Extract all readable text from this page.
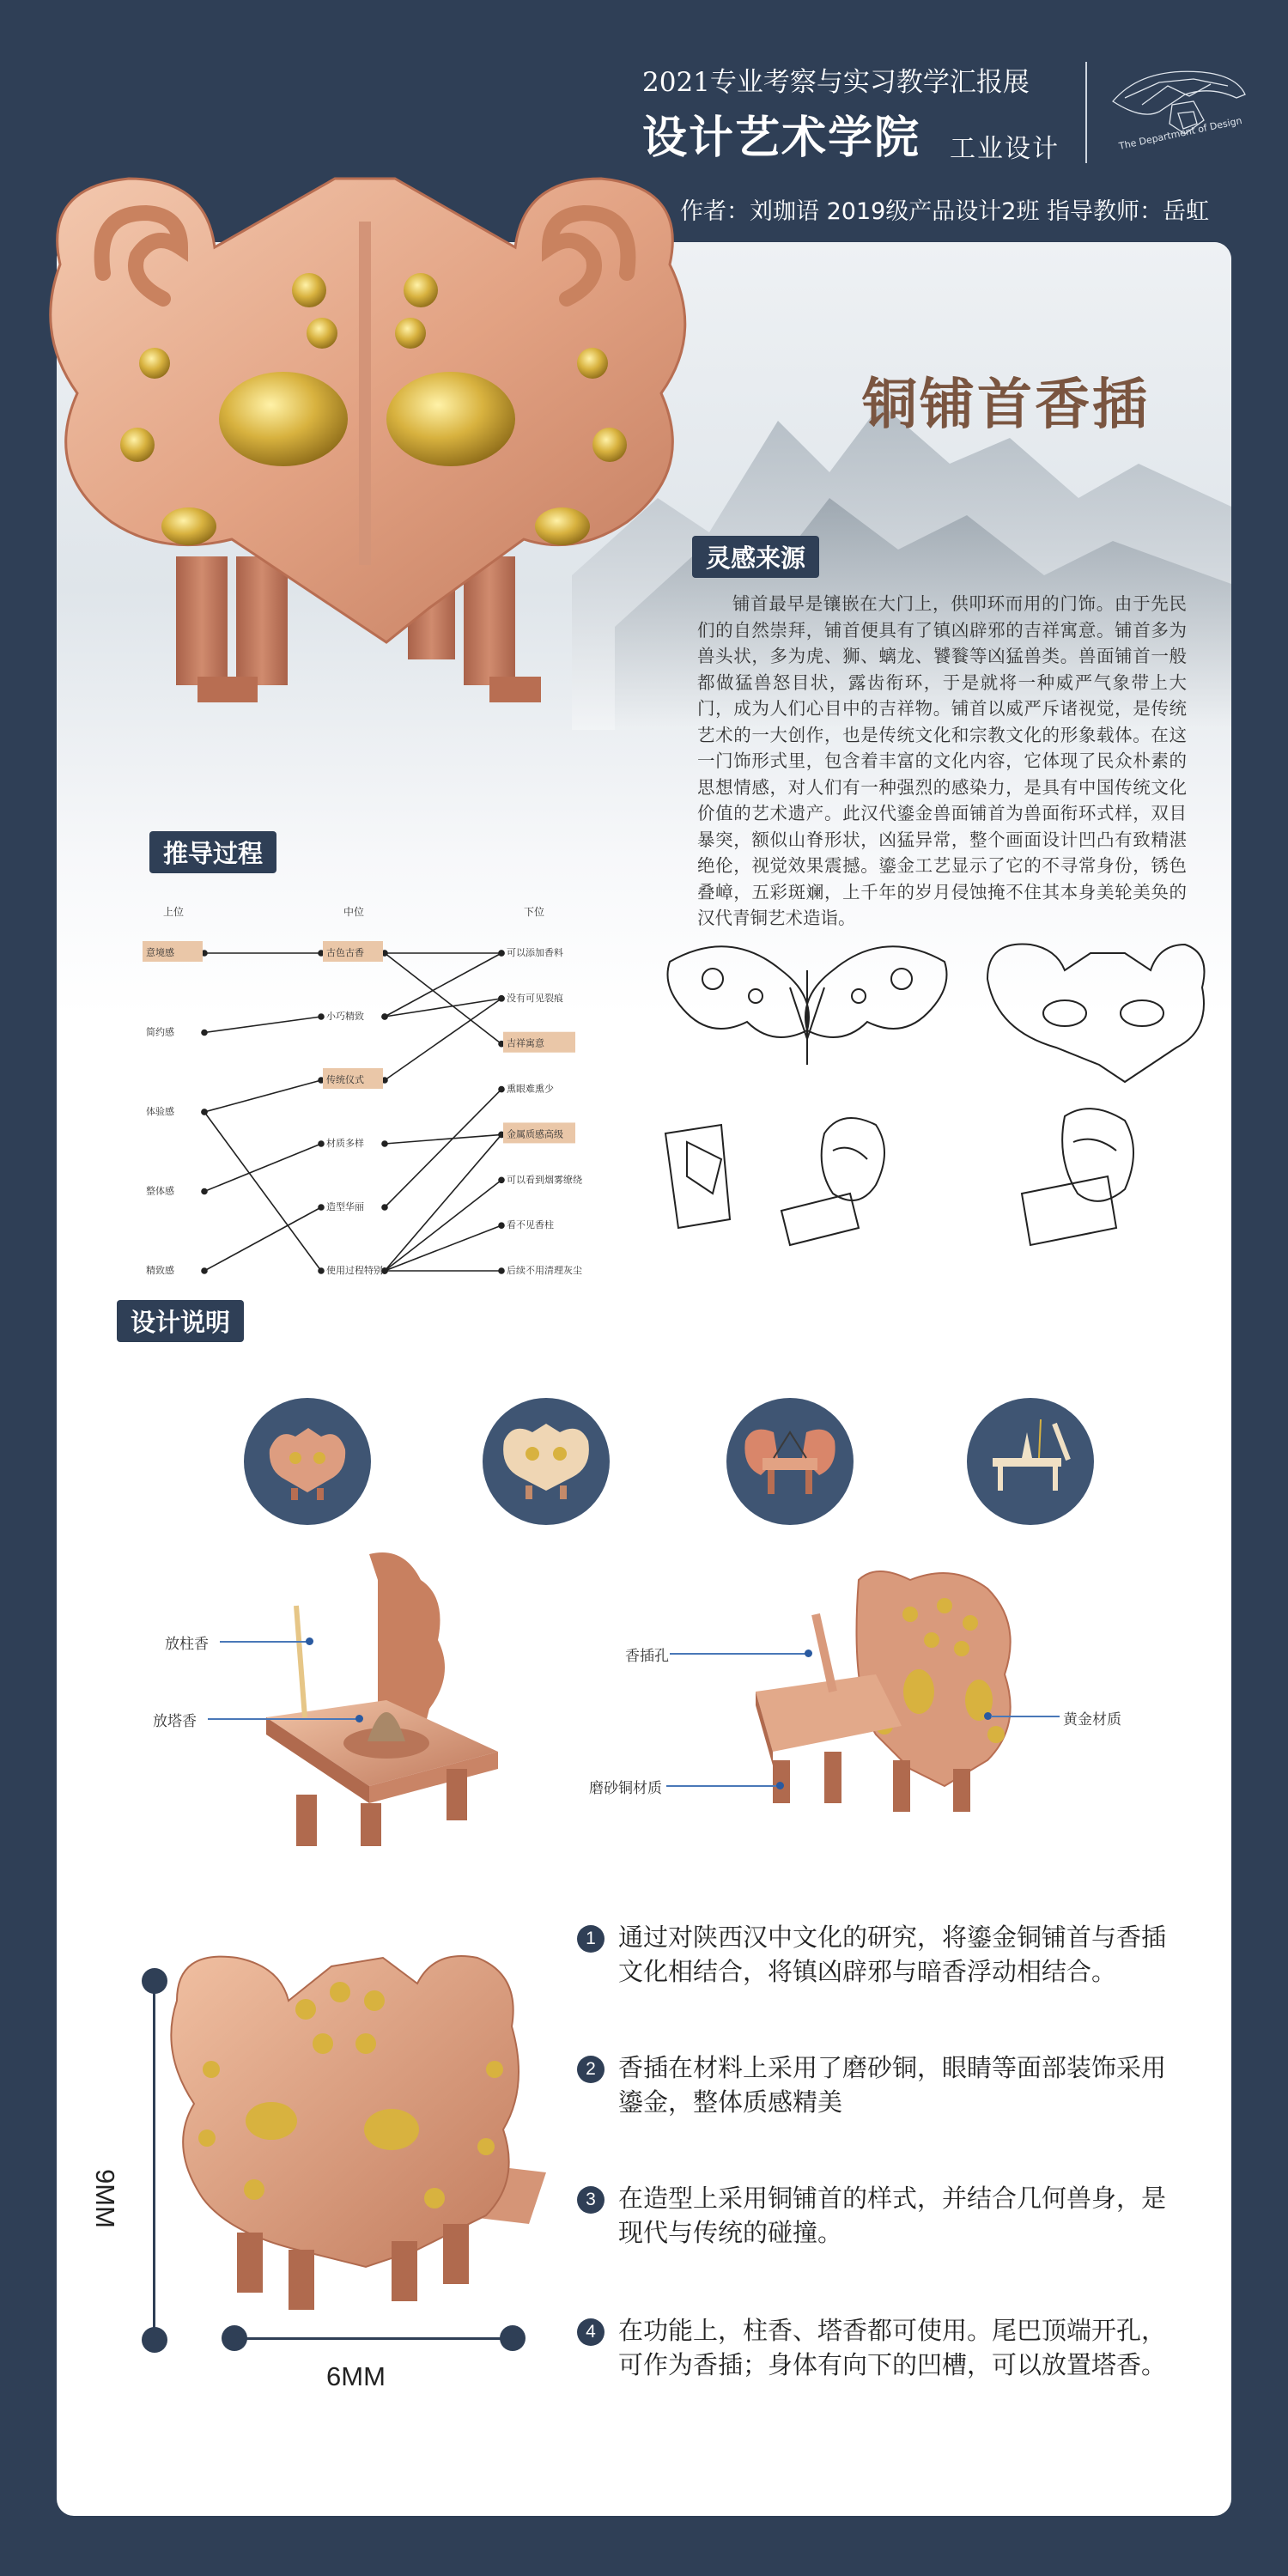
2021专业考察与实习教学汇报展
设计艺术学院 工业设计	The Department of Design
作者：刘珈语 2019级产品设计2班 指导教师：岳虹
铜铺首香插
灵感来源
铺首最早是镶嵌在大门上，供叩环而用的门饰。由于先民们的自然崇拜，铺首便具有了镇凶辟邪的吉祥寓意。铺首多为兽头状，多为虎、狮、螭龙、饕餮等凶猛兽类。兽面铺首一般都做猛兽怒目状，露齿衔环，于是就将一种威严气象带上大门，成为人们心目中的吉祥物。铺首以威严斥诸视觉，是传统艺术的一大创作，也是传统文化和宗教文化的形象载体。在这一门饰形式里，包含着丰富的文化内容，它体现了民众朴素的思想情感，对人们有一种强烈的感染力，是具有中国传统文化价值的艺术遗产。此汉代鎏金兽面铺首为兽面衔环式样，双目暴突，额似山脊形状，凶猛异常，整个画面设计凹凸有致精湛绝伦，视觉效果震撼。鎏金工艺显示了它的不寻常身份，锈色叠嶂，五彩斑斓，上千年的岁月侵蚀掩不住其本身美轮美奂的汉代青铜艺术造诣。
推导过程
上位	中位	下位
意境感
简约感
体验感
整体感
精致感
古色古香
小巧精致
传统仪式
材质多样
造型华丽
使用过程特别
可以添加香料
没有可见裂痕
吉祥寓意
熏眼难熏少
金属质感高级
可以看到烟雾缭绕
看不见香柱
后续不用清理灰尘
设计说明
放柱香
放塔香
香插孔
磨砂铜材质
黄金材质
9MM
6MM
1 通过对陕西汉中文化的研究，将鎏金铜铺首与香插文化相结合，将镇凶辟邪与暗香浮动相结合。
2 香插在材料上采用了磨砂铜，眼睛等面部装饰采用鎏金，整体质感精美
3 在造型上采用铜铺首的样式，并结合几何兽身，是现代与传统的碰撞。
4 在功能上，柱香、塔香都可使用。尾巴顶端开孔，可作为香插；身体有向下的凹槽，可以放置塔香。
